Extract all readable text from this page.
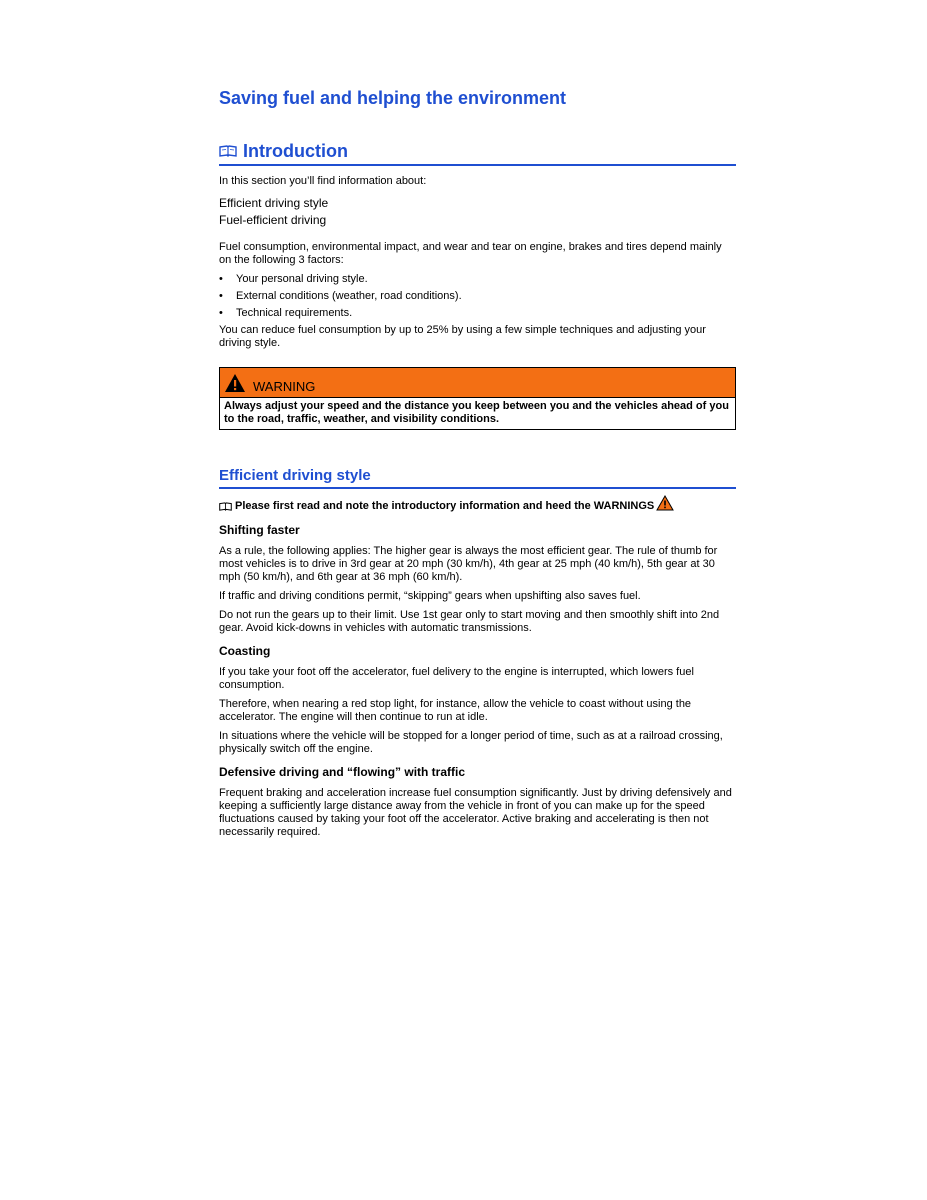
Saving fuel and helping the environment
Introduction

In this section you’ll find information about:

Efficient driving style

Fuel-efficient driving

Fuel consumption, environmental impact, and wear and tear on engine, brakes and tires depend mainly on the following 3 factors:

• Your personal driving style.
• External conditions (weather, road conditions).
• Technical requirements.

You can reduce fuel consumption by up to 25% by using a few simple techniques and adjusting your driving style.

WARNING
Always adjust your speed and the distance you keep between you and the vehicles ahead of you to the road, traffic, weather, and visibility conditions.
Efficient driving style
Please first read and note the introductory information and heed the WARNINGS
Shifting faster

As a rule, the following applies: The higher gear is always the most efficient gear. The rule of thumb for most vehicles is to drive in 3rd gear at 20 mph (30 km/h), 4th gear at 25 mph (40 km/h), 5th gear at 30 mph (50 km/h), and 6th gear at 36 mph (60 km/h).

If traffic and driving conditions permit, “skipping” gears when upshifting also saves fuel.

Do not run the gears up to their limit. Use 1st gear only to start moving and then smoothly shift into 2nd gear. Avoid kick-downs in vehicles with automatic transmissions.

Coasting

If you take your foot off the accelerator, fuel delivery to the engine is interrupted, which lowers fuel consumption.

Therefore, when nearing a red stop light, for instance, allow the vehicle to coast without using the accelerator. The engine will then continue to run at idle.

In situations where the vehicle will be stopped for a longer period of time, such as at a railroad crossing, physically switch off the engine.

Defensive driving and “flowing” with traffic

Frequent braking and acceleration increase fuel consumption significantly. Just by driving defensively and keeping a sufficiently large distance away from the vehicle in front of you can make up for the speed fluctuations caused by taking your foot off the accelerator. Active braking and accelerating is then not necessarily required.
